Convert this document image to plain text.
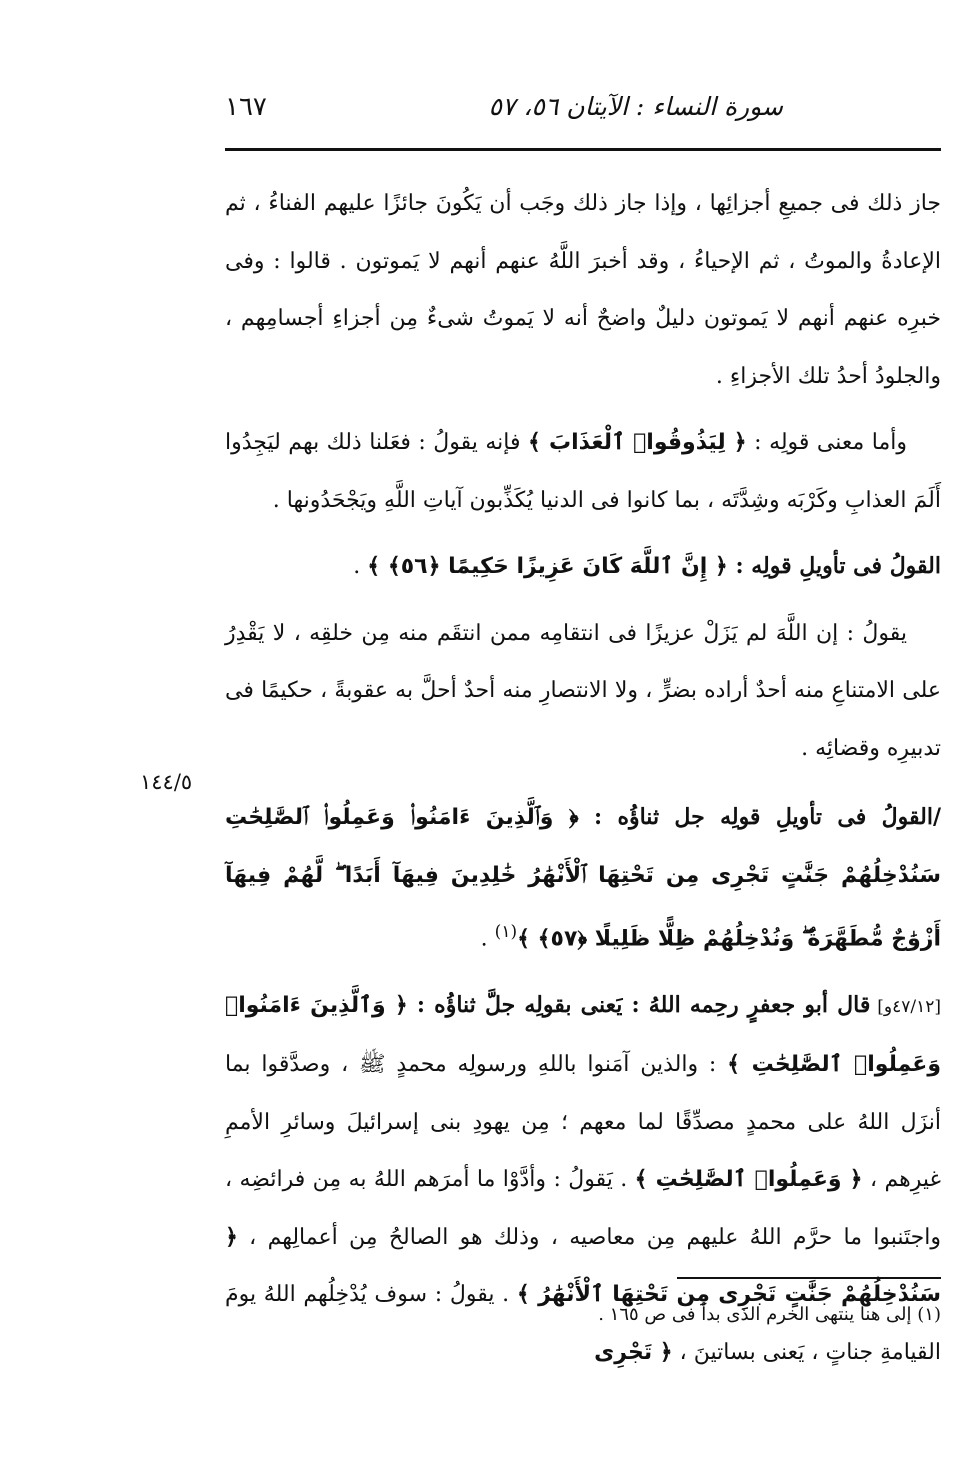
سورة النساء : الآيتان ٥٦، ٥٧
١٦٧
١٤٤/٥

جاز ذلك فى جميعِ أجزائِها ، وإذا جاز ذلك وجَب أن يَكُونَ جائزًا عليهم الفناءُ ، ثم الإعادةُ والموتُ ، ثم الإحياءُ ، وقد أخبرَ اللَّهُ عنهم أنهم لا يَموتون . قالوا : وفى خبرِه عنهم أنهم لا يَموتون دليلٌ واضحٌ أنه لا يَموتُ شىءٌ مِن أجزاءِ أجسامِهم ، والجلودُ أحدُ تلك الأجزاءِ .

وأما معنى قولِه : ﴿ لِيَذُوقُوا۟ ٱلْعَذَابَ ﴾ فإنه يقولُ : فعَلنا ذلك بهم ليَجِدُوا أَلَمَ العذابِ وكَرْبَه وشِدَّتَه ، بما كانوا فى الدنيا يُكَذِّبون آياتِ اللَّهِ ويَجْحَدُونها .

القولُ فى تأويلِ قولِه : ﴿ إِنَّ ٱللَّهَ كَانَ عَزِيزًا حَكِيمًا ﴿٥٦﴾ ﴾ .

يقولُ : إن اللَّهَ لم يَزَلْ عزيزًا فى انتقامِه ممن انتقَم منه مِن خلقِه ، لا يَقْدِرُ على الامتناعِ منه أحدٌ أراده بضرٍّ ، ولا الانتصارِ منه أحدٌ أحلَّ به عقوبةً ، حكيمًا فى تدبيرِه وقضائِه .

/القولُ فى تأويلِ قولِه جل ثناؤُه : ﴿ وَٱلَّذِينَ ءَامَنُوا۟ وَعَمِلُوا۟ ٱلصَّٰلِحَٰتِ سَنُدْخِلُهُمْ جَنَّٰتٍ تَجْرِى مِن تَحْتِهَا ٱلْأَنْهَٰرُ خَٰلِدِينَ فِيهَآ أَبَدًا ۖ لَّهُمْ فِيهَآ أَزْوَٰجٌ مُّطَهَّرَةٌ ۖ وَنُدْخِلُهُمْ ظِلًّا ظَلِيلًا ﴿٥٧﴾ ﴾$^{(١)}$ .

[٤٧/١٢و] قال أبو جعفرٍ رحِمه اللهُ : يَعنى بقولِه جلَّ ثناؤُه : ﴿ وَٱلَّذِينَ ءَامَنُوا۟ وَعَمِلُوا۟ ٱلصَّٰلِحَٰتِ ﴾ : والذين آمَنوا باللهِ ورسولِه محمدٍ ﷺ ، وصدَّقوا بما أنزَل اللهُ على محمدٍ مصدِّقًا لما معهم ؛ مِن يهودِ بنى إسرائيلَ وسائرِ الأممِ غيرِهم ، ﴿ وَعَمِلُوا۟ ٱلصَّٰلِحَٰتِ ﴾ . يَقولُ : وأدَّوْا ما أمرَهم اللهُ به مِن فرائضِه ، واجتَنبوا ما حرَّم اللهُ عليهم مِن معاصيه ، وذلك هو الصالحُ مِن أعمالِهم ، ﴿ سَنُدْخِلُهُمْ جَنَّٰتٍ تَجْرِى مِن تَحْتِهَا ٱلْأَنْهَٰرُ ﴾ . يقولُ : سوف يُدْخِلُهم اللهُ يومَ القيامةِ جناتٍ ، يَعنى بساتينَ ، ﴿ تَجْرِى

(١) إلى هنا ينتهى الخرم الذى بدأ فى ص ١٦٥ .
